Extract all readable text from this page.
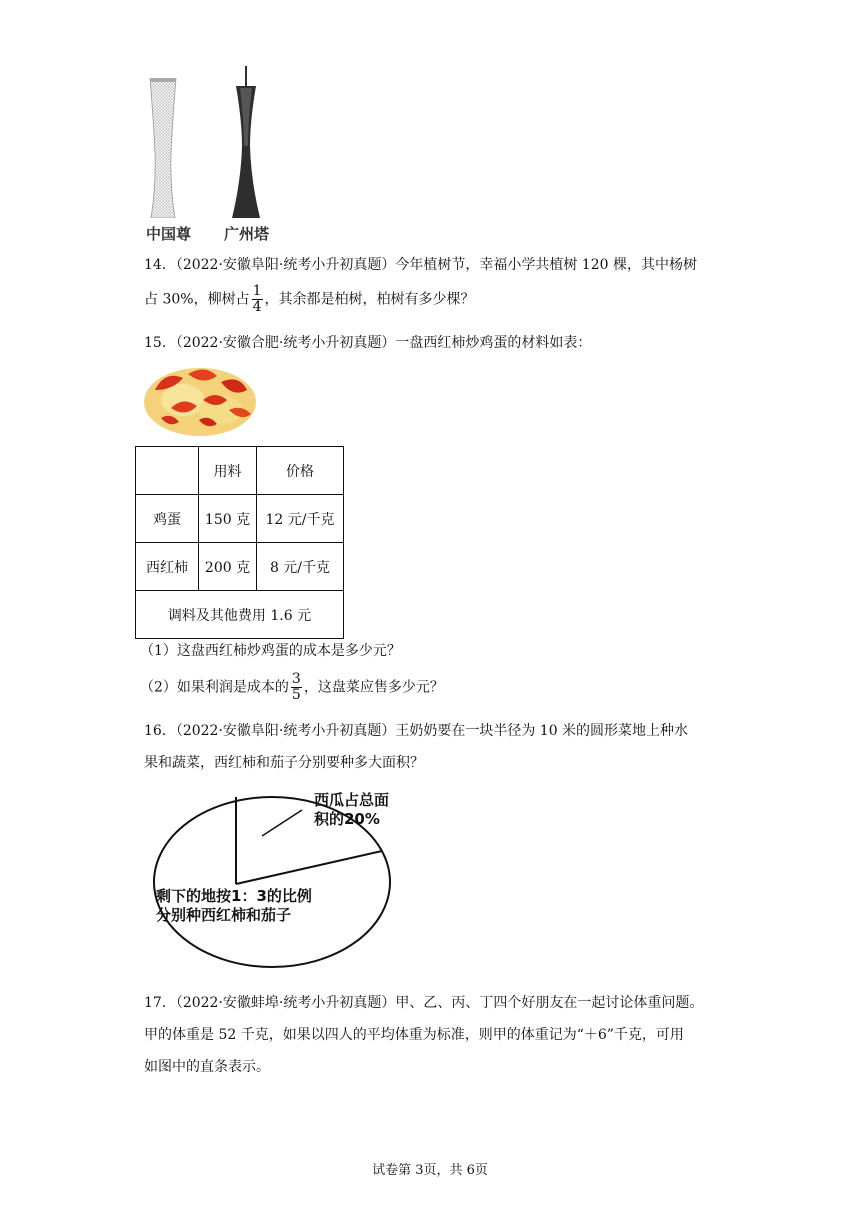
中国尊 广州塔
14．（2022·安徽阜阳·统考小升初真题）今年植树节，幸福小学共植树 120 棵，其中杨树
占 30%，柳树占 $\frac{1}{4}$ ，其余都是柏树，柏树有多少棵？
15．（2022·安徽合肥·统考小升初真题）一盘西红柿炒鸡蛋的材料如表：
	用料	价格
鸡蛋	150 克	12 元/千克
西红柿	200 克	8 元/千克
调料及其他费用 1.6 元		
（1）这盘西红柿炒鸡蛋的成本是多少元？
（2）如果利润是成本的 $\frac{3}{5}$ ，这盘菜应售多少元？
16．（2022·安徽阜阳·统考小升初真题）王奶奶要在一块半径为 10 米的圆形菜地上种水
果和蔬菜，西红柿和茄子分别要种多大面积？
西瓜占总面
积的20%
剩下的地按1：3的比例
分别种西红柿和茄子
17．（2022·安徽蚌埠·统考小升初真题）甲、乙、丙、丁四个好朋友在一起讨论体重问题。
甲的体重是 52 千克，如果以四人的平均体重为标准，则甲的体重记为“＋6”千克，可用
如图中的直条表示。
试卷第 3页，共 6页
